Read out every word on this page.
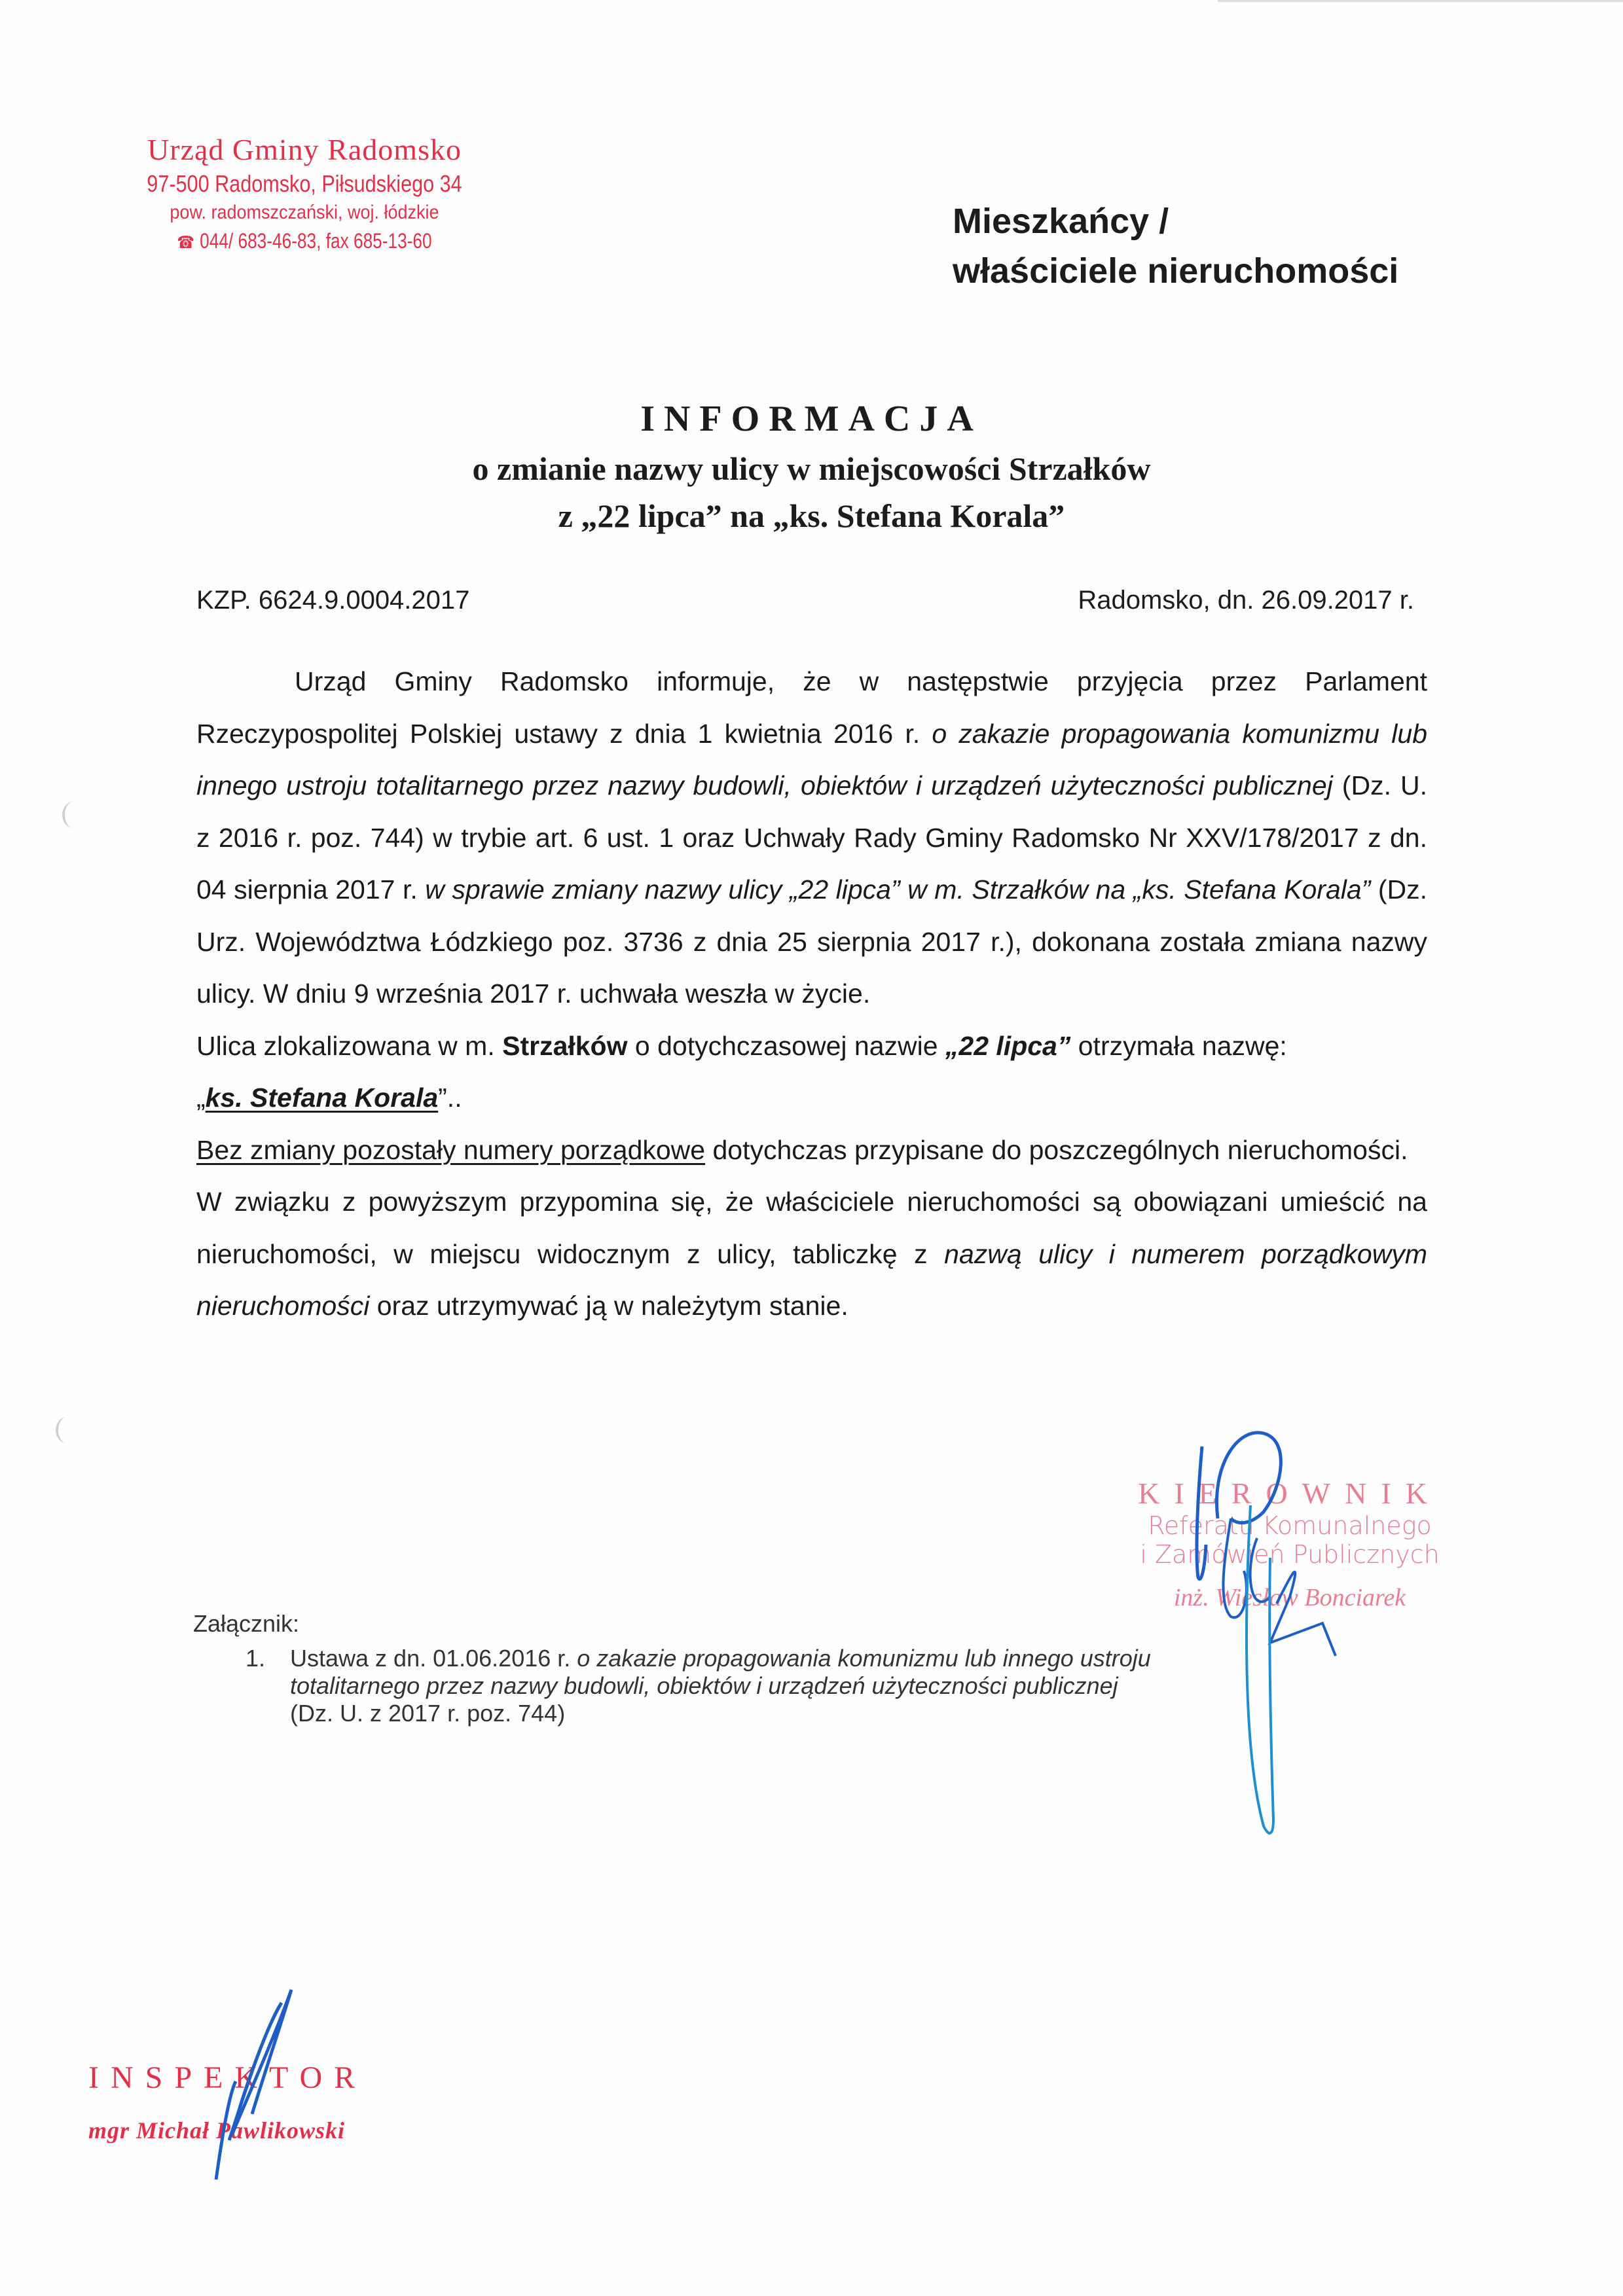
Urząd Gminy Radomsko
97-500 Radomsko, Piłsudskiego 34
pow. radomszczański, woj. łódzkie
☎ 044/ 683-46-83, fax 685-13-60	Mieszkańcy /
właściciele nieruchomości
INFORMACJA
o zmianie nazwy ulicy w miejscowości Strzałków
z „22 lipca” na „ks. Stefana Korala”
KZP. 6624.9.0004.2017	Radomsko, dn. 26.09.2017 r.

Urząd Gminy Radomsko informuje, że w następstwie przyjęcia przez Parlament Rzeczypospolitej Polskiej ustawy z dnia 1 kwietnia 2016 r. o zakazie propagowania komunizmu lub innego ustroju totalitarnego przez nazwy budowli, obiektów i urządzeń użyteczności publicznej (Dz. U. z 2016 r. poz. 744) w trybie art. 6 ust. 1 oraz Uchwały Rady Gminy Radomsko Nr XXV/178/2017 z dn. 04 sierpnia 2017 r. w sprawie zmiany nazwy ulicy „22 lipca” w m. Strzałków na „ks. Stefana Korala” (Dz. Urz. Województwa Łódzkiego poz. 3736 z dnia 25 sierpnia 2017 r.), dokonana została zmiana nazwy ulicy. W dniu 9 września 2017 r. uchwała weszła w życie.

Ulica zlokalizowana w m. Strzałków o dotychczasowej nazwie „22 lipca” otrzymała nazwę:
„ks. Stefana Korala”..

Bez zmiany pozostały numery porządkowe dotychczas przypisane do poszczególnych nieruchomości.

W związku z powyższym przypomina się, że właściciele nieruchomości są obowiązani umieścić na nieruchomości, w miejscu widocznym z ulicy, tabliczkę z nazwą ulicy i numerem porządkowym nieruchomości oraz utrzymywać ją w należytym stanie.

KIEROWNIK
Referatu Komunalnego
i Zamówień Publicznych
inż. Wiesław Bonciarek
Załącznik:
1. Ustawa z dn. 01.06.2016 r. o zakazie propagowania komunizmu lub innego ustroju totalitarnego przez nazwy budowli, obiektów i urządzeń użyteczności publicznej (Dz. U. z 2017 r. poz. 744)
INSPEKTOR
mgr Michał Pawlikowski
